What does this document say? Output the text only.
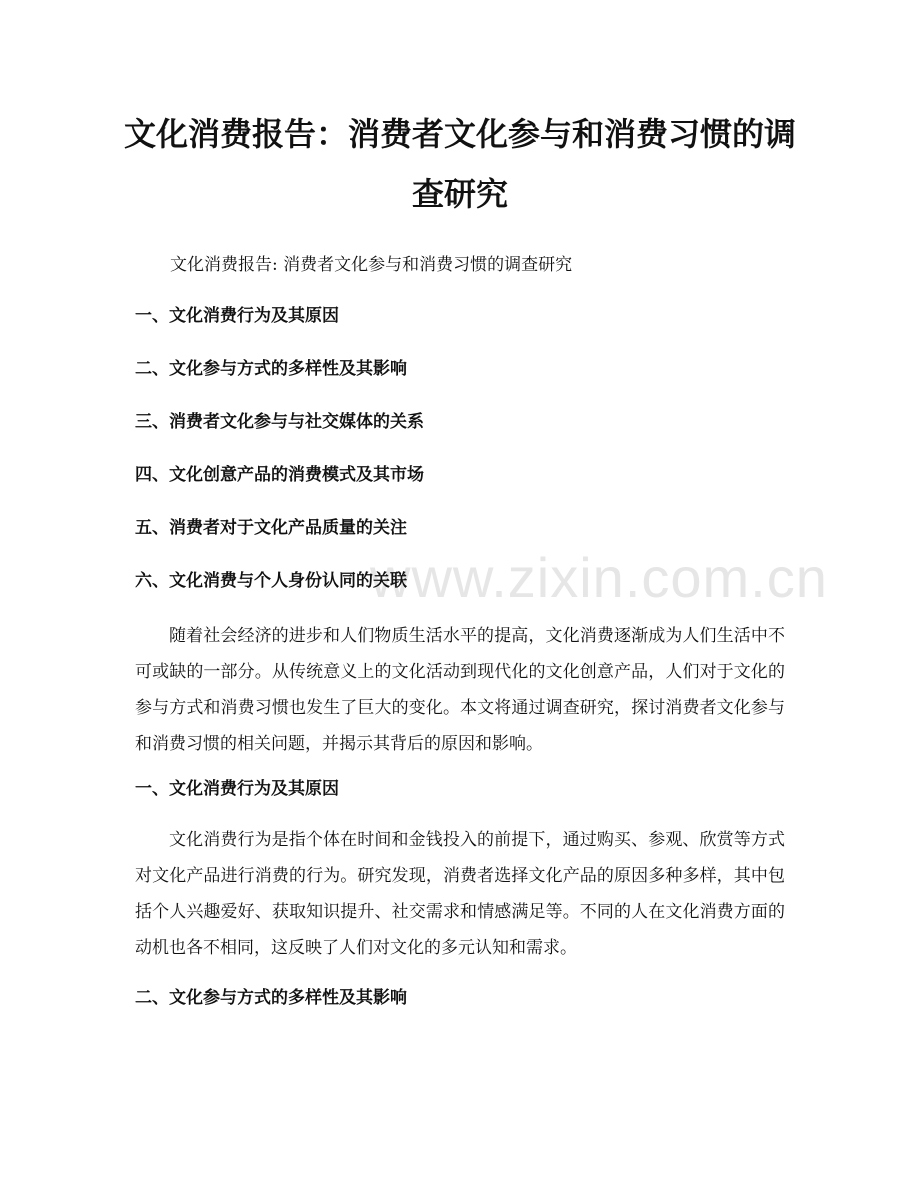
www.zixin.com.cn
文化消费报告：消费者文化参与和消费习惯的调查研究

文化消费报告: 消费者文化参与和消费习惯的调查研究

一、文化消费行为及其原因

二、文化参与方式的多样性及其影响

三、消费者文化参与与社交媒体的关系

四、文化创意产品的消费模式及其市场

五、消费者对于文化产品质量的关注

六、文化消费与个人身份认同的关联

随着社会经济的进步和人们物质生活水平的提高，文化消费逐渐成为人们生活中不可或缺的一部分。从传统意义上的文化活动到现代化的文化创意产品，人们对于文化的参与方式和消费习惯也发生了巨大的变化。本文将通过调查研究，探讨消费者文化参与和消费习惯的相关问题，并揭示其背后的原因和影响。

一、文化消费行为及其原因

文化消费行为是指个体在时间和金钱投入的前提下，通过购买、参观、欣赏等方式对文化产品进行消费的行为。研究发现，消费者选择文化产品的原因多种多样，其中包括个人兴趣爱好、获取知识提升、社交需求和情感满足等。不同的人在文化消费方面的动机也各不相同，这反映了人们对文化的多元认知和需求。

二、文化参与方式的多样性及其影响
